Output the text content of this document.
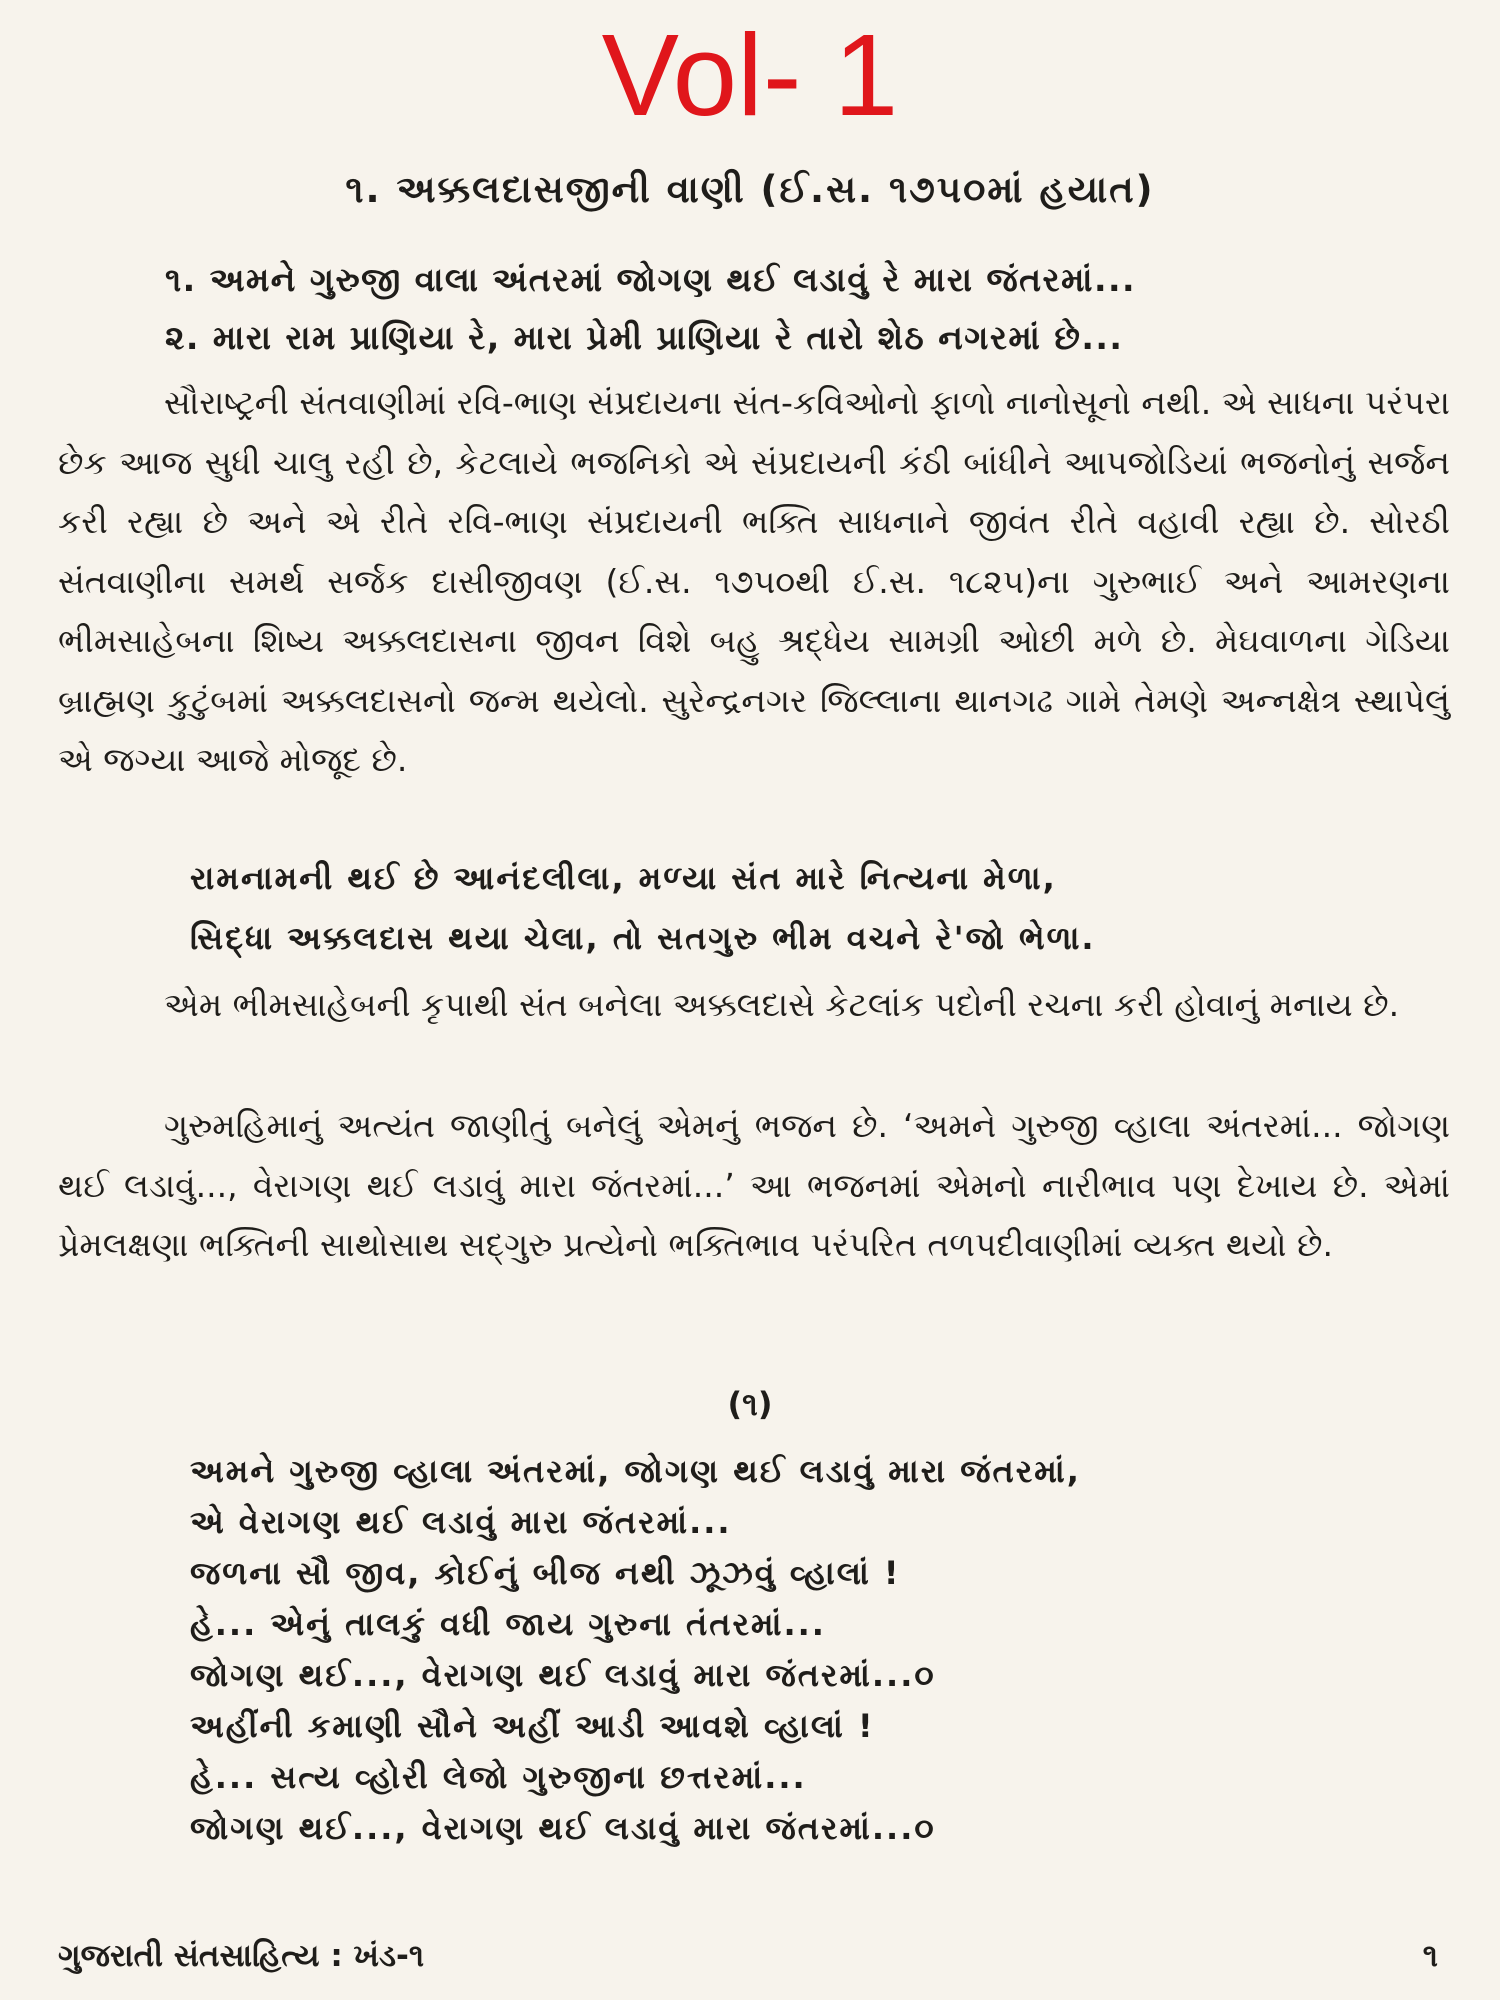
Vol- 1
૧. અક્કલદાસજીની વાણી (ઈ.સ. ૧૭૫૦માં હયાત)
૧. અમને ગુરુજી વાલા અંતરમાં જોગણ થઈ લડાવું રે મારા જંતરમાં...
૨. મારા રામ પ્રાણિયા રે, મારા પ્રેમી પ્રાણિયા રે તારો શેઠ નગરમાં છે...

સૌરાષ્ટ્રની સંતવાણીમાં રવિ-ભાણ સંપ્રદાયના સંત-કવિઓનો ફાળો નાનોસૂનો નથી. એ સાધના પરંપરા છેક આજ સુધી ચાલુ રહી છે, કેટલાયે ભજનિકો એ સંપ્રદાયની કંઠી બાંધીને આપજોડિયાં ભજનોનું સર્જન કરી રહ્યા છે અને એ રીતે રવિ-ભાણ સંપ્રદાયની ભક્તિ સાધનાને જીવંત રીતે વહાવી રહ્યા છે. સોરઠી સંતવાણીના સમર્થ સર્જક દાસીજીવણ (ઈ.સ. ૧૭૫૦થી ઈ.સ. ૧૮૨૫)ના ગુરુભાઈ અને આમરણના ભીમસાહેબના શિષ્ય અક્કલદાસના જીવન વિશે બહુ શ્રદ્ધેય સામગ્રી ઓછી મળે છે. મેઘવાળના ગેડિયા બ્રાહ્મણ કુટુંબમાં અક્કલદાસનો જન્મ થયેલો. સુરેન્દ્રનગર જિલ્લાના થાનગઢ ગામે તેમણે અન્નક્ષેત્ર સ્થાપેલું એ જગ્યા આજે મોજૂદ છે.

રામનામની થઈ છે આનંદલીલા, મળ્યા સંત મારે નિત્યના મેળા,
સિદ્ધા અક્કલદાસ થયા ચેલા, તો સતગુરુ ભીમ વચને રે'જો ભેળા.

એમ ભીમસાહેબની કૃપાથી સંત બનેલા અક્કલદાસે કેટલાંક પદોની રચના કરી હોવાનું મનાય છે.

ગુરુમહિમાનું અત્યંત જાણીતું બનેલું એમનું ભજન છે. ‘અમને ગુરુજી વ્હાલા અંતરમાં... જોગણ થઈ લડાવું..., વેરાગણ થઈ લડાવું મારા જંતરમાં...’ આ ભજનમાં એમનો નારીભાવ પણ દેખાય છે. એમાં પ્રેમલક્ષણા ભક્તિની સાથોસાથ સદ્ગુરુ પ્રત્યેનો ભક્તિભાવ પરંપરિત તળપદીવાણીમાં વ્યક્ત થયો છે.

(૧)
અમને ગુરુજી વ્હાલા અંતરમાં, જોગણ થઈ લડાવું મારા જંતરમાં,
એ વેરાગણ થઈ લડાવું મારા જંતરમાં...
જળના સૌ જીવ, કોઈનું બીજ નથી ઝૂઝવું વ્હાલાં !
હે... એનું તાલકું વધી જાય ગુરુના તંતરમાં...
જોગણ થઈ..., વેરાગણ થઈ લડાવું મારા જંતરમાં...૦
અહીંની કમાણી સૌને અહીં આડી આવશે વ્હાલાં !
હે... સત્ય વ્હોરી લેજો ગુરુજીના છત્તરમાં...
જોગણ થઈ..., વેરાગણ થઈ લડાવું મારા જંતરમાં...૦
ગુજરાતી સંતસાહિત્ય : ખંડ-૧	૧
